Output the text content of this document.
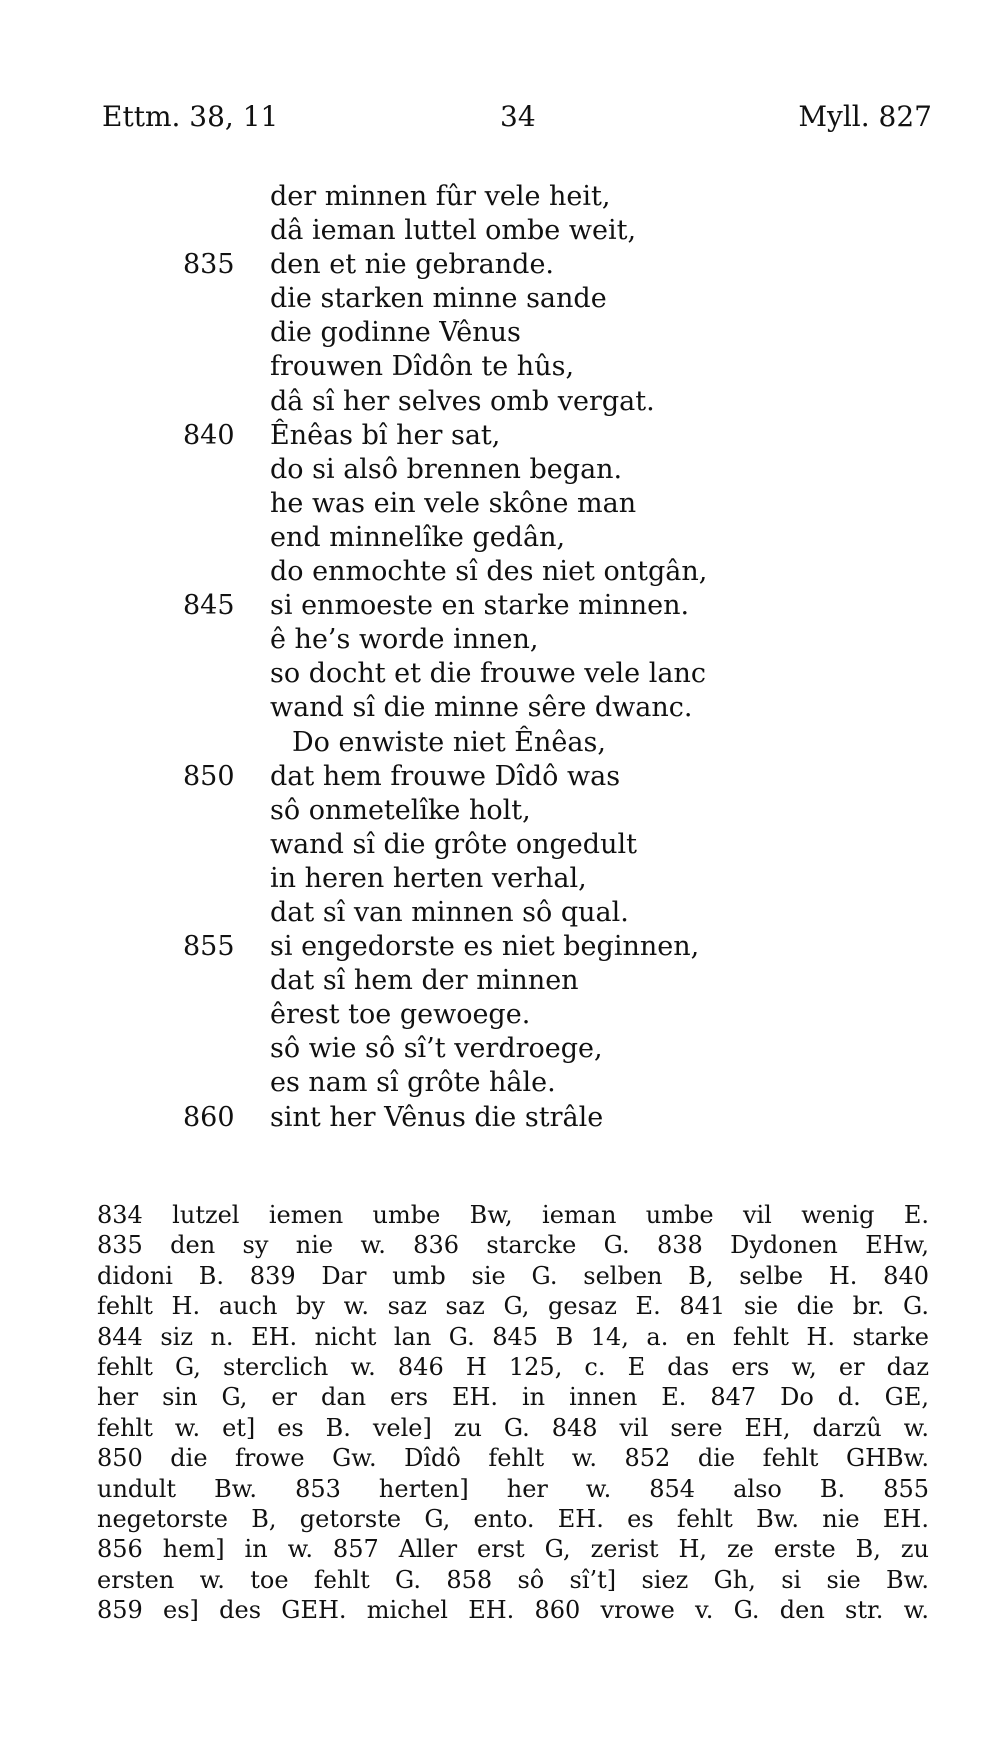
Ettm. 38, 11	34	Myll. 827
der minnen fûr vele heit,
dâ ieman luttel ombe weit,
835 den et nie gebrande.
die starken minne sande
die godinne Vênus
frouwen Dîdôn te hûs,
dâ sî her selves omb vergat.
840 Ênêas bî her sat,
do si alsô brennen began.
he was ein vele skône man
end minnelîke gedân,
do enmochte sî des niet ontgân,
845 si enmoeste en starke minnen.
ê he’s worde innen,
so docht et die frouwe vele lanc
wand sî die minne sêre dwanc.
Do enwiste niet Ênêas,
850 dat hem frouwe Dîdô was
sô onmetelîke holt,
wand sî die grôte ongedult
in heren herten verhal,
dat sî van minnen sô qual.
855 si engedorste es niet beginnen,
dat sî hem der minnen
êrest toe gewoege.
sô wie sô sî’t verdroege,
es nam sî grôte hâle.
860 sint her Vênus die strâle
834 lutzel iemen umbe Bw, ieman umbe vil wenig E.
835 den sy nie w. 836 starcke G. 838 Dydonen EHw,
didoni B. 839 Dar umb sie G. selben B, selbe H. 840
fehlt H. auch by w. saz saz G, gesaz E. 841 sie die br. G.
844 siz n. EH. nicht lan G. 845 B 14, a. en fehlt H. starke
fehlt G, sterclich w. 846 H 125, c. E das ers w, er daz
her sin G, er dan ers EH. in innen E. 847 Do d. GE,
fehlt w. et] es B. vele] zu G. 848 vil sere EH, darzû w.
850 die frowe Gw. Dîdô fehlt w. 852 die fehlt GHBw.
undult Bw. 853 herten] her w. 854 also B. 855
negetorste B, getorste G, ento. EH. es fehlt Bw. nie EH.
856 hem] in w. 857 Aller erst G, zerist H, ze erste B, zu
ersten w. toe fehlt G. 858 sô sî’t] siez Gh, si sie Bw.
859 es] des GEH. michel EH. 860 vrowe v. G. den str. w.
